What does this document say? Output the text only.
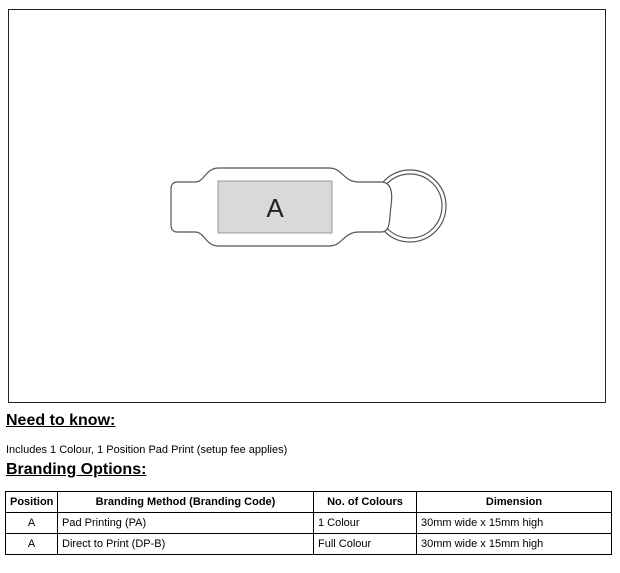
A
Need to know:
Includes 1 Colour, 1 Position Pad Print (setup fee applies)
Branding Options:
Position	Branding Method (Branding Code)	No. of Colours	Dimension
A	Pad Printing (PA)	1 Colour	30mm wide x 15mm high
A	Direct to Print (DP-B)	Full Colour	30mm wide x 15mm high
